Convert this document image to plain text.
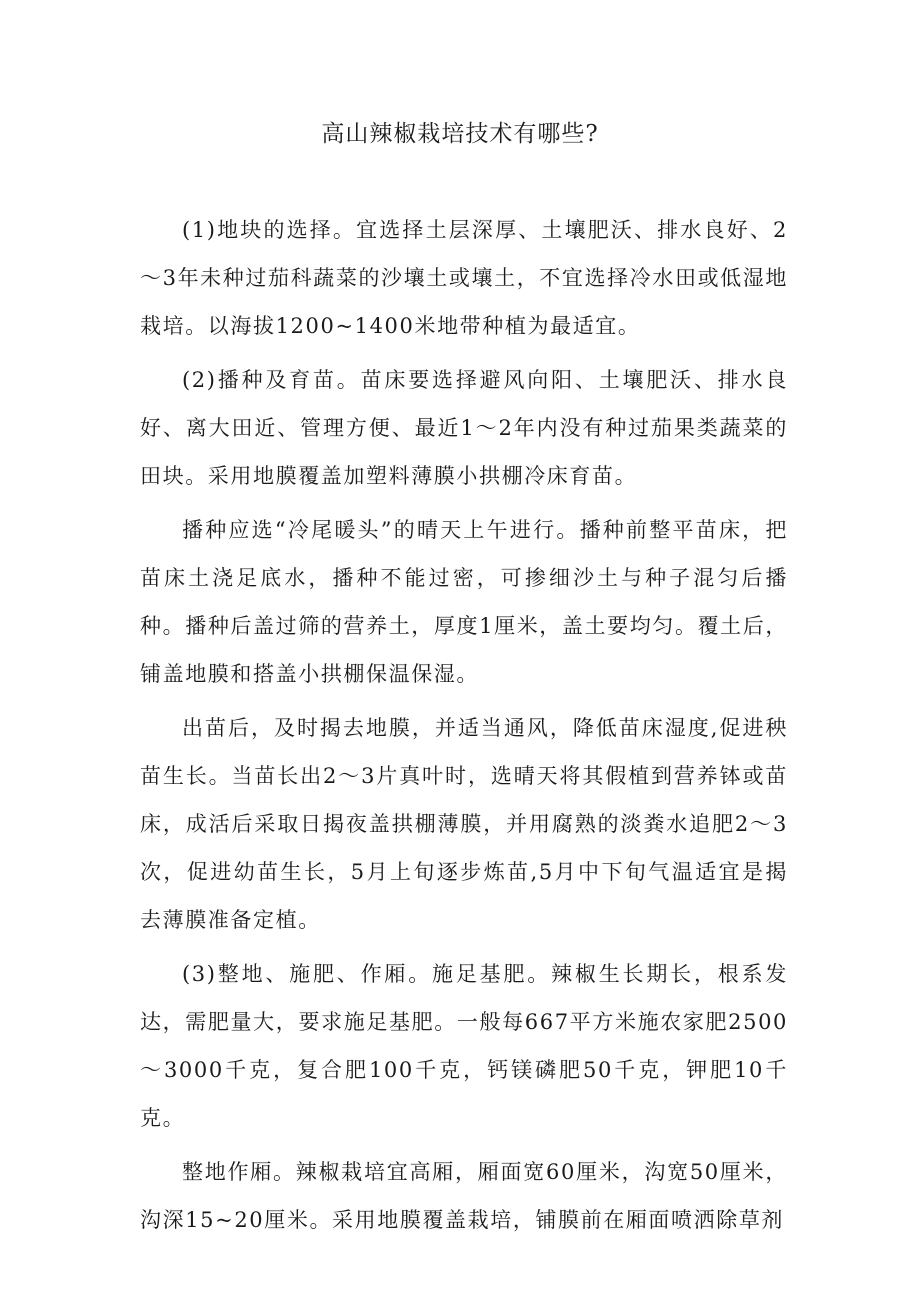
高山辣椒栽培技术有哪些?

(1)地块的选择。宜选择土层深厚、土壤肥沃、排水良好、2～3年未种过茄科蔬菜的沙壤土或壤土，不宜选择冷水田或低湿地栽培。以海拔1200~1400米地带种植为最适宜。

(2)播种及育苗。苗床要选择避风向阳、土壤肥沃、排水良好、离大田近、管理方便、最近1～2年内没有种过茄果类蔬菜的田块。采用地膜覆盖加塑料薄膜小拱棚冷床育苗。

播种应选“冷尾暖头”的晴天上午进行。播种前整平苗床，把苗床土浇足底水，播种不能过密，可掺细沙土与种子混匀后播种。播种后盖过筛的营养土，厚度1厘米，盖土要均匀。覆土后，铺盖地膜和搭盖小拱棚保温保湿。

出苗后，及时揭去地膜，并适当通风，降低苗床湿度,促进秧苗生长。当苗长出2～3片真叶时，选晴天将其假植到营养钵或苗床，成活后采取日揭夜盖拱棚薄膜，并用腐熟的淡粪水追肥2～3次，促进幼苗生长，5月上旬逐步炼苗,5月中下旬气温适宜是揭去薄膜准备定植。

(3)整地、施肥、作厢。施足基肥。辣椒生长期长，根系发达，需肥量大，要求施足基肥。一般每667平方米施农家肥2500～3000千克，复合肥100千克，钙镁磷肥50千克，钾肥10千克。

整地作厢。辣椒栽培宜高厢，厢面宽60厘米，沟宽50厘米，沟深15~20厘米。采用地膜覆盖栽培，铺膜前在厢面喷洒除草剂
